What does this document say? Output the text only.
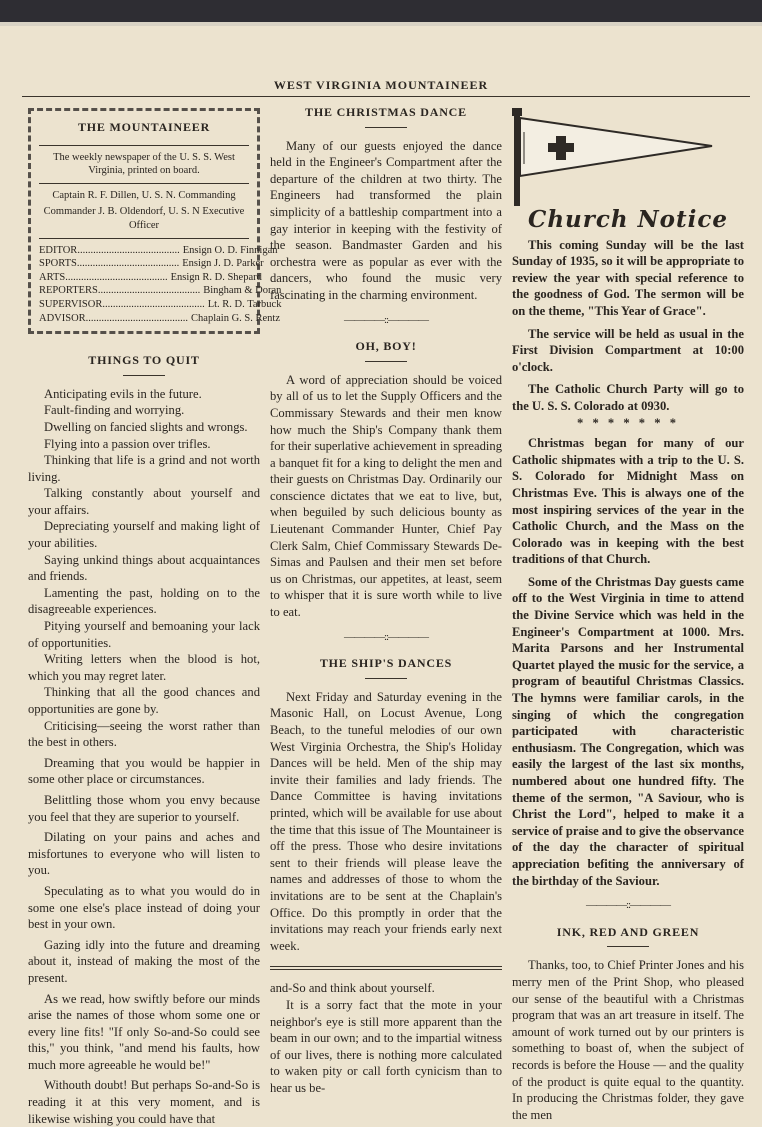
WEST VIRGINIA MOUNTAINEER

THE MOUNTAINEER

The weekly newspaper of the U. S. S. West Virginia, printed on board.

Captain R. F. Dillen, U. S. N. Commanding

Commander J. B. Oldendorf, U. S. N Executive Officer

EDITOR ....................................... Ensign O. D. Finnigan
SPORTS ....................................... Ensign J. D. Parker
ARTS ....................................... Ensign R. D. Shepard
REPORTERS ....................................... Bingham & Doran
SUPERVISOR ....................................... Lt. R. D. Tarbuck
ADVISOR ....................................... Chaplain G. S. Rentz

THINGS TO QUIT

Anticipating evils in the future.

Fault-finding and worrying.

Dwelling on fancied slights and wrongs.

Flying into a passion over trifles.

Thinking that life is a grind and not worth living.

Talking constantly about yourself and your affairs.

Depreciating yourself and making light of your abilities.

Saying unkind things about acquaintances and friends.

Lamenting the past, holding on to the disagreeable experiences.

Pitying yourself and bemoaning your lack of opportunities.

Writing letters when the blood is hot, which you may regret later.

Thinking that all the good chances and opportunities are gone by.

Criticising—seeing the worst rather than the best in others.

Dreaming that you would be happier in some other place or circumstances.

Belittling those whom you envy because you feel that they are superior to yourself.

Dilating on your pains and aches and misfortunes to everyone who will listen to you.

Speculating as to what you would do in some one else's place instead of doing your best in your own.

Gazing idly into the future and dreaming about it, instead of making the most of the present.

As we read, how swiftly before our minds arise the names of those whom some one or every line fits! "If only So-and-So could see this," you think, "and mend his faults, how much more agreeable he would be!"

Withouth doubt! But perhaps So-and-So is reading it at this very moment, and is likewise wishing you could have that

THE CHRISTMAS DANCE

Many of our guests enjoyed the dance held in the Engineer's Compartment after the departure of the children at two thirty. The Engineers had transformed the plain simplicity of a battleship compartment into a gay interior in keeping with the festivity of the season. Bandmaster Garden and his orchestra were as popular as ever with the dancers, who found the music very fascinating in the charming environment.

————::————

OH, BOY!

A word of appreciation should be voiced by all of us to let the Supply Officers and the Commissary Stewards and their men know how much the Ship's Company thank them for their superlative achievement in spreading a banquet fit for a king to delight the men and their guests on Christmas Day. Ordinarily our conscience dictates that we eat to live, but, when beguiled by such delicious bounty as Lieutenant Commander Hunter, Chief Pay Clerk Salm, Chief Commissary Stewards De-Simas and Paulsen and their men set before us on Christmas, our appetites, at least, seem to whisper that it is sure worth while to live to eat.

————::————

THE SHIP'S DANCES

Next Friday and Saturday evening in the Masonic Hall, on Locust Avenue, Long Beach, to the tuneful melodies of our own West Virginia Orchestra, the Ship's Holiday Dances will be held. Men of the ship may invite their families and lady friends. The Dance Committee is having invitations printed, which will be available for use about the time that this issue of The Mountaineer is off the press. Those who desire invitations sent to their friends will please leave the names and addresses of those to whom the invitations are to be sent at the Chaplain's Office. Do this promptly in order that the invitations may reach your friends early next week.

and-So and think about yourself.

It is a sorry fact that the mote in your neighbor's eye is still more apparent than the beam in our own; and to the impartial witness of our lives, there is nothing more calculated to waken pity or call forth cynicism than to hear us be-

Church Notice

This coming Sunday will be the last Sunday of 1935, so it will be appropriate to review the year with special reference to the goodness of God. The sermon will be on the theme, "This Year of Grace".

The service will be held as usual in the First Division Compartment at 10:00 o'clock.

The Catholic Church Party will go to the U. S. S. Colorado at 0930.

* * * * * * *

Christmas began for many of our Catholic shipmates with a trip to the U. S. S. Colorado for Midnight Mass on Christmas Eve. This is always one of the most inspiring services of the year in the Catholic Church, and the Mass on the Colorado was in keeping with the best traditions of that Church.

Some of the Christmas Day guests came off to the West Virginia in time to attend the Divine Service which was held in the Engineer's Compartment at 1000. Mrs. Marita Parsons and her Instrumental Quartet played the music for the service, a program of beautiful Christmas Classics. The hymns were familiar carols, in the singing of which the congregation participated with characteristic enthusiasm. The Congregation, which was easily the largest of the last six months, numbered about one hundred fifty. The theme of the sermon, "A Saviour, who is Christ the Lord", helped to make it a service of praise and to give the observance of the day the character of spiritual appreciation befiting the anniversary of the birthday of the Saviour.

————::————

INK, RED AND GREEN

Thanks, too, to Chief Printer Jones and his merry men of the Print Shop, who pleased our sense of the beautiful with a Christmas program that was an art treasure in itself. The amount of work turned out by our printers is something to boast of, when the subject of records is before the House — and the quality of the product is quite equal to the quantity. In producing the Christmas folder, they gave the men
